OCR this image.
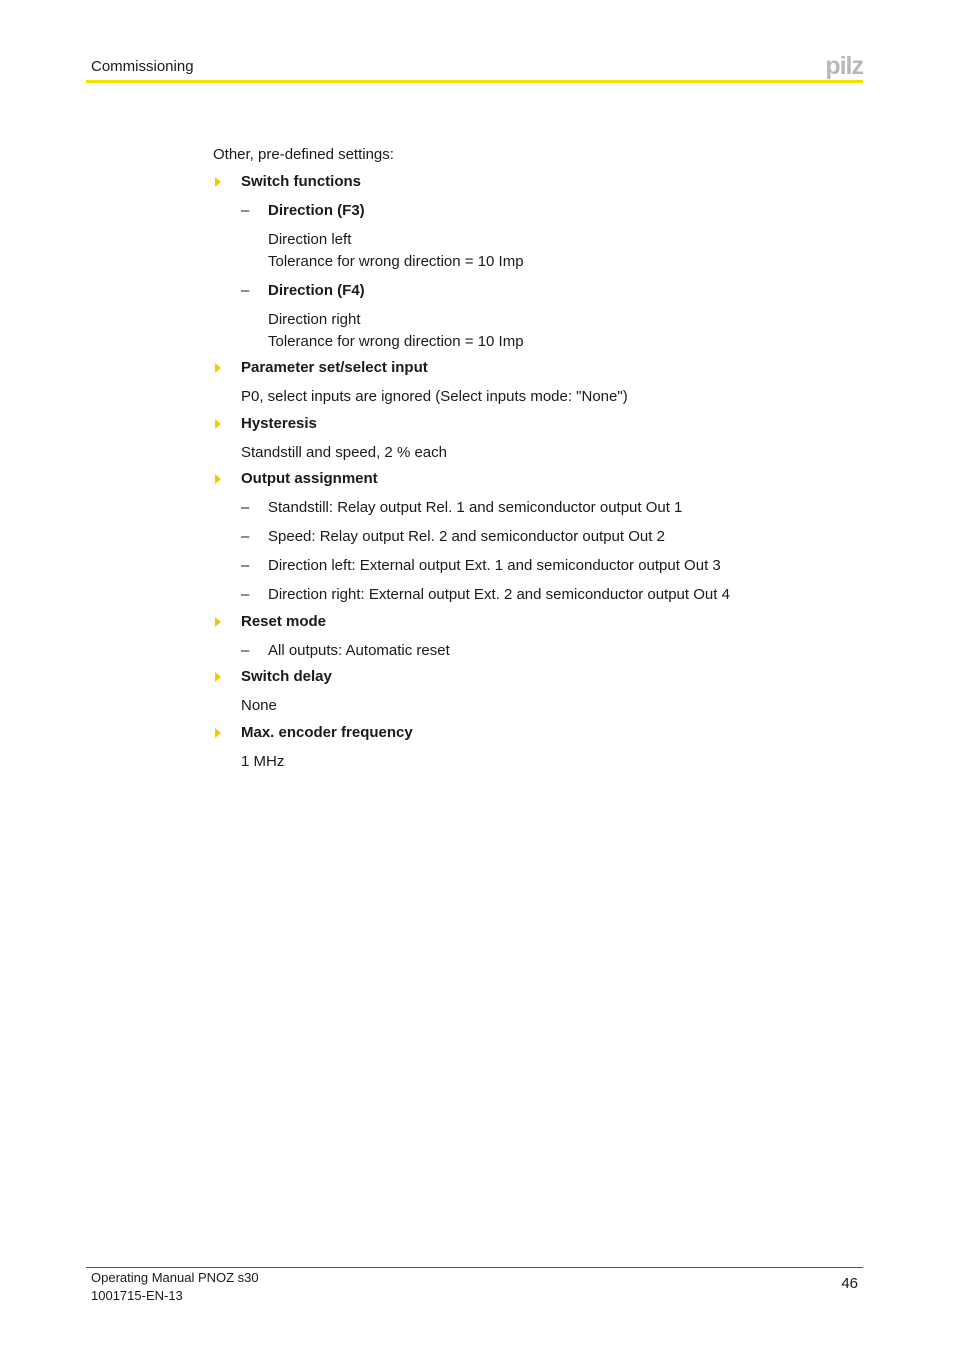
Commissioning	pilz
Other, pre-defined settings:
Switch functions
– Direction (F3)
Direction left
Tolerance for wrong direction = 10 Imp
– Direction (F4)
Direction right
Tolerance for wrong direction = 10 Imp
Parameter set/select input
P0, select inputs are ignored (Select inputs mode: "None")
Hysteresis
Standstill and speed, 2 % each
Output assignment
– Standstill: Relay output Rel. 1 and semiconductor output Out 1
– Speed: Relay output Rel. 2 and semiconductor output Out 2
– Direction left: External output Ext. 1 and semiconductor output Out 3
– Direction right: External output Ext. 2 and semiconductor output Out 4
Reset mode
– All outputs: Automatic reset
Switch delay
None
Max. encoder frequency
1 MHz
Operating Manual PNOZ s30
1001715-EN-13
46
